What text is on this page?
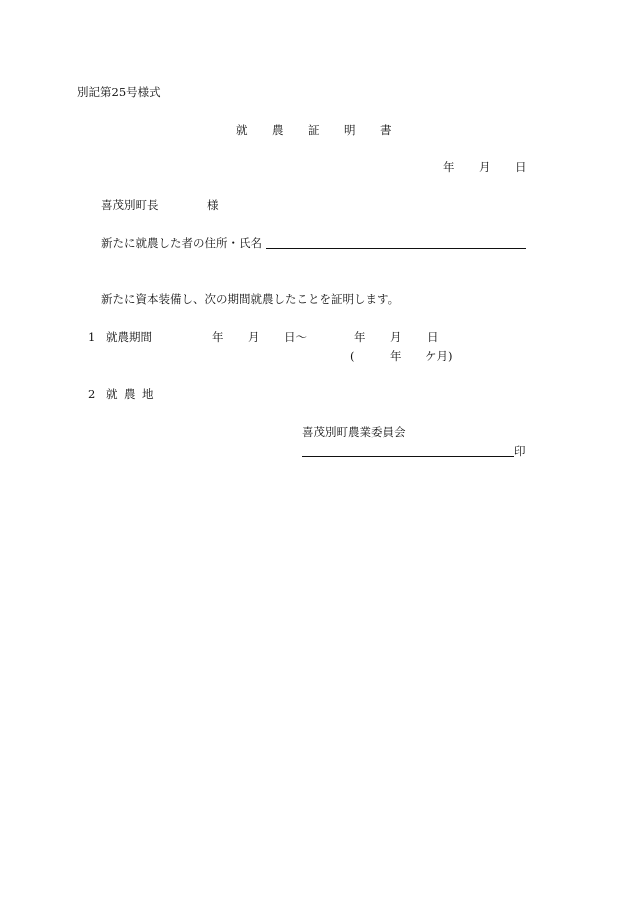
別記第25号様式
就 農 証 明 書
年 月 日
喜茂別町長	様
新たに就農した者の住所・氏名
新たに資本装備し、次の期間就農したことを証明します。
1 就農期間	年 月 日～	年 月 日
(	年 ケ月)
2 就 農 地
喜茂別町農業委員会
印
